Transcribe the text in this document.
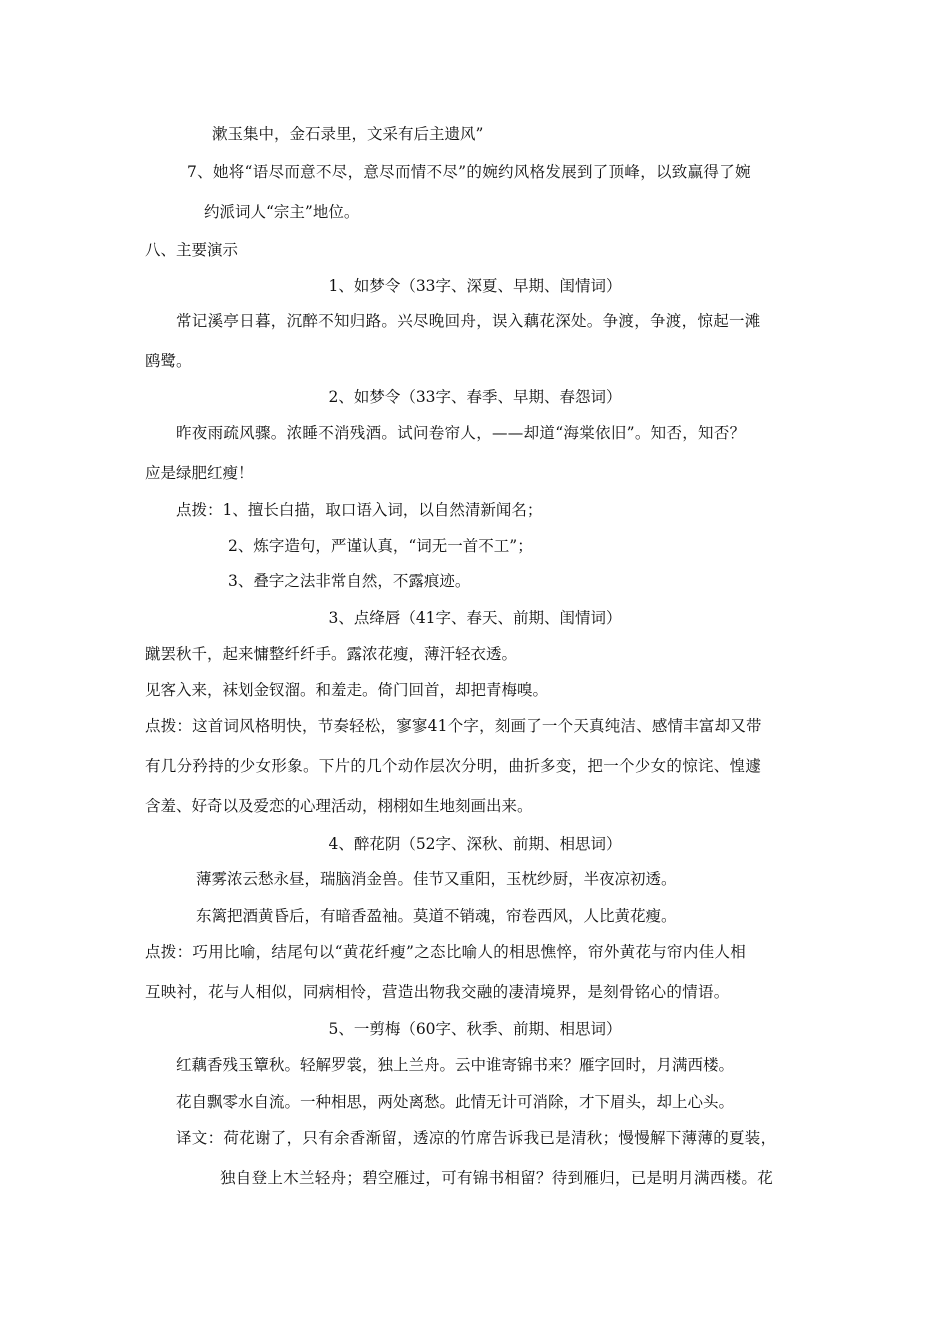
漱玉集中，金石录里，文采有后主遗风”
7、她将“语尽而意不尽，意尽而情不尽”的婉约风格发展到了顶峰，以致赢得了婉
约派词人“宗主”地位。
八、主要演示
1、如梦令（33字、深夏、早期、闺情词）
常记溪亭日暮，沉醉不知归路。兴尽晚回舟，误入藕花深处。争渡，争渡，惊起一滩
鸥鹭。
2、如梦令（33字、春季、早期、春怨词）
昨夜雨疏风骤。浓睡不消残酒。试问卷帘人，——却道“海棠依旧”。知否，知否？
应是绿肥红瘦！
点拨：1、擅长白描，取口语入词，以自然清新闻名；
2、炼字造句，严谨认真，“词无一首不工”；
3、叠字之法非常自然，不露痕迹。
3、点绛唇（41字、春天、前期、闺情词）
蹴罢秋千，起来慵整纤纤手。露浓花瘦，薄汗轻衣透。
见客入来，袜划金钗溜。和羞走。倚门回首，却把青梅嗅。
点拨：这首词风格明快，节奏轻松，寥寥41个字，刻画了一个天真纯洁、感情丰富却又带
有几分矜持的少女形象。下片的几个动作层次分明，曲折多变，把一个少女的惊诧、惶遽
含羞、好奇以及爱恋的心理活动，栩栩如生地刻画出来。
4、醉花阴（52字、深秋、前期、相思词）
薄雾浓云愁永昼，瑞脑消金兽。佳节又重阳，玉枕纱厨，半夜凉初透。
东篱把酒黄昏后，有暗香盈袖。莫道不销魂，帘卷西风，人比黄花瘦。
点拨：巧用比喻，结尾句以“黄花纤瘦”之态比喻人的相思憔悴，帘外黄花与帘内佳人相
互映衬，花与人相似，同病相怜，营造出物我交融的凄清境界，是刻骨铭心的情语。
5、一剪梅（60字、秋季、前期、相思词）
红藕香残玉簟秋。轻解罗裳，独上兰舟。云中谁寄锦书来？雁字回时，月满西楼。
花自飘零水自流。一种相思，两处离愁。此情无计可消除，才下眉头，却上心头。
译文：荷花谢了，只有余香渐留，透凉的竹席告诉我已是清秋；慢慢解下薄薄的夏装，
独自登上木兰轻舟；碧空雁过，可有锦书相留？待到雁归，已是明月满西楼。花
